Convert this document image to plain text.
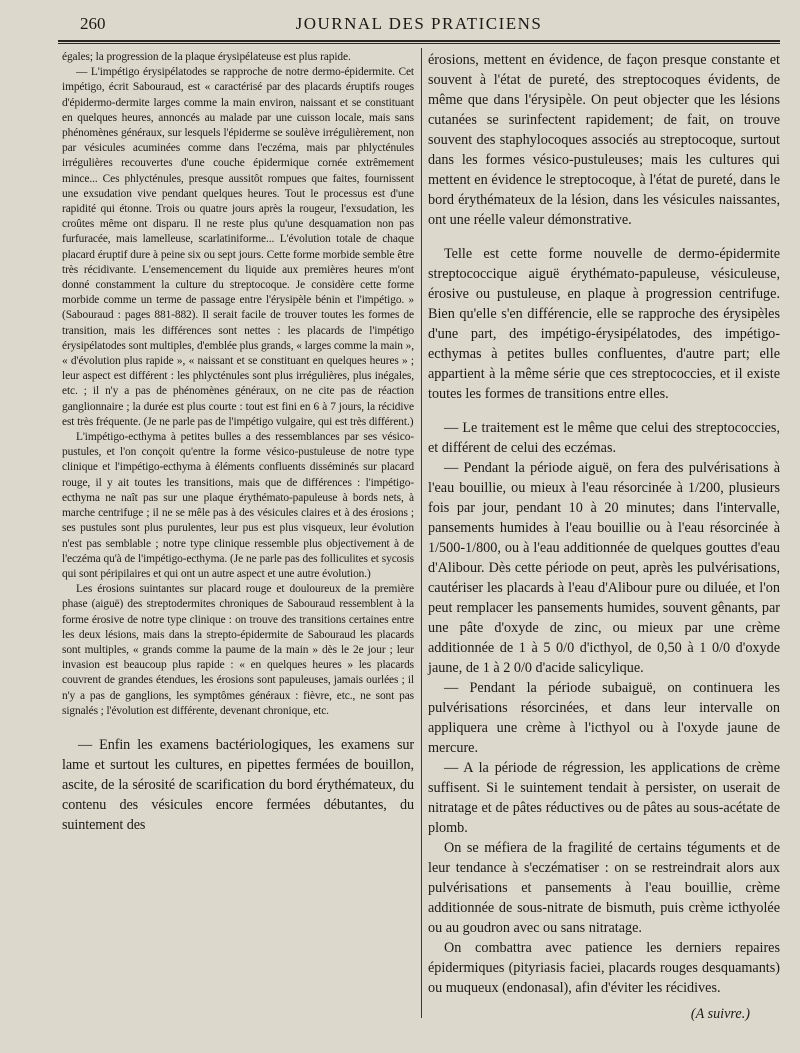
260	JOURNAL DES PRATICIENS

égales; la progression de la plaque érysipélateuse est plus rapide.

— L'impétigo érysipélatodes se rapproche de notre dermo-épidermite. Cet impétigo, écrit Sabouraud, est « caractérisé par des placards éruptifs rouges d'épidermo-dermite larges comme la main environ, naissant et se constituant en quelques heures, annoncés au malade par une cuisson locale, mais sans phénomènes généraux, sur lesquels l'épiderme se soulève irrégulièrement, non par vésicules acuminées comme dans l'eczéma, mais par phlycténules irrégulières recouvertes d'une couche épidermique cornée extrêmement mince... Ces phlycténules, presque aussitôt rompues que faites, fournissent une exsudation vive pendant quelques heures. Tout le processus est d'une rapidité qui étonne. Trois ou quatre jours après la rougeur, l'exsudation, les croûtes même ont disparu. Il ne reste plus qu'une desquamation non pas furfuracée, mais lamelleuse, scarlatiniforme... L'évolution totale de chaque placard éruptif dure à peine six ou sept jours. Cette forme morbide semble être très récidivante. L'ensemencement du liquide aux premières heures m'ont donné constamment la culture du streptocoque. Je considère cette forme morbide comme un terme de passage entre l'érysipèle bénin et l'impétigo. » (Sabouraud : pages 881-882). Il serait facile de trouver toutes les formes de transition, mais les différences sont nettes : les placards de l'impétigo érysipélatodes sont multiples, d'emblée plus grands, « larges comme la main », « d'évolution plus rapide », « naissant et se constituant en quelques heures » ; leur aspect est différent : les phlycténules sont plus irrégulières, plus inégales, etc. ; il n'y a pas de phénomènes généraux, on ne cite pas de réaction ganglionnaire ; la durée est plus courte : tout est fini en 6 à 7 jours, la récidive est très fréquente. (Je ne parle pas de l'impétigo vulgaire, qui est très différent.)

L'impétigo-ecthyma à petites bulles a des ressemblances par ses vésico-pustules, et l'on conçoit qu'entre la forme vésico-pustuleuse de notre type clinique et l'impétigo-ecthyma à éléments confluents disséminés sur placard rouge, il y ait toutes les transitions, mais que de différences : l'impétigo-ecthyma ne naît pas sur une plaque érythémato-papuleuse à bords nets, à marche centrifuge ; il ne se mêle pas à des vésicules claires et à des érosions ; ses pustules sont plus purulentes, leur pus est plus visqueux, leur évolution n'est pas semblable ; notre type clinique ressemble plus objectivement à de l'eczéma qu'à de l'impétigo-ecthyma. (Je ne parle pas des folliculites et sycosis qui sont péripilaires et qui ont un autre aspect et une autre évolution.)

Les érosions suintantes sur placard rouge et douloureux de la première phase (aiguë) des streptodermites chroniques de Sabouraud ressemblent à la forme érosive de notre type clinique : on trouve des transitions certaines entre les deux lésions, mais dans la strepto-épidermite de Sabouraud les placards sont multiples, « grands comme la paume de la main » dès le 2e jour ; leur invasion est beaucoup plus rapide : « en quelques heures » les placards couvrent de grandes étendues, les érosions sont papuleuses, jamais ourlées ; il n'y a pas de ganglions, les symptômes généraux : fièvre, etc., ne sont pas signalés ; l'évolution est différente, devenant chronique, etc.

— Enfin les examens bactériologiques, les examens sur lame et surtout les cultures, en pipettes fermées de bouillon, ascite, de la sérosité de scarification du bord érythémateux, du contenu des vésicules encore fermées débutantes, du suintement des

érosions, mettent en évidence, de façon presque constante et souvent à l'état de pureté, des streptocoques évidents, de même que dans l'érysipèle. On peut objecter que les lésions cutanées se surinfectent rapidement; de fait, on trouve souvent des staphylocoques associés au streptocoque, surtout dans les formes vésico-pustuleuses; mais les cultures qui mettent en évidence le streptocoque, à l'état de pureté, dans le bord érythémateux de la lésion, dans les vésicules naissantes, ont une réelle valeur démonstrative.

Telle est cette forme nouvelle de dermo-épidermite streptococcique aiguë érythémato-papuleuse, vésiculeuse, érosive ou pustuleuse, en plaque à progression centrifuge. Bien qu'elle s'en différencie, elle se rapproche des érysipèles d'une part, des impétigo-érysipélatodes, des impétigo-ecthymas à petites bulles confluentes, d'autre part; elle appartient à la même série que ces streptococcies, et il existe toutes les formes de transitions entre elles.

— Le traitement est le même que celui des streptococcies, et différent de celui des eczémas.

— Pendant la période aiguë, on fera des pulvérisations à l'eau bouillie, ou mieux à l'eau résorcinée à 1/200, plusieurs fois par jour, pendant 10 à 20 minutes; dans l'intervalle, pansements humides à l'eau bouillie ou à l'eau résorcinée à 1/500-1/800, ou à l'eau additionnée de quelques gouttes d'eau d'Alibour. Dès cette période on peut, après les pulvérisations, cautériser les placards à l'eau d'Alibour pure ou diluée, et l'on peut remplacer les pansements humides, souvent gênants, par une pâte d'oxyde de zinc, ou mieux par une crème additionnée de 1 à 5 0/0 d'icthyol, de 0,50 à 1 0/0 d'oxyde jaune, de 1 à 2 0/0 d'acide salicylique.

— Pendant la période subaiguë, on continuera les pulvérisations résorcinées, et dans leur intervalle on appliquera une crème à l'icthyol ou à l'oxyde jaune de mercure.

— A la période de régression, les applications de crème suffisent. Si le suintement tendait à persister, on userait de nitratage et de pâtes réductives ou de pâtes au sous-acétate de plomb.

On se méfiera de la fragilité de certains téguments et de leur tendance à s'eczématiser : on se restreindrait alors aux pulvérisations et pansements à l'eau bouillie, crème additionnée de sous-nitrate de bismuth, puis crème icthyolée ou au goudron avec ou sans nitratage.

On combattra avec patience les derniers repaires épidermiques (pityriasis faciei, placards rouges desquamants) ou muqueux (endonasal), afin d'éviter les récidives.

(A suivre.)
